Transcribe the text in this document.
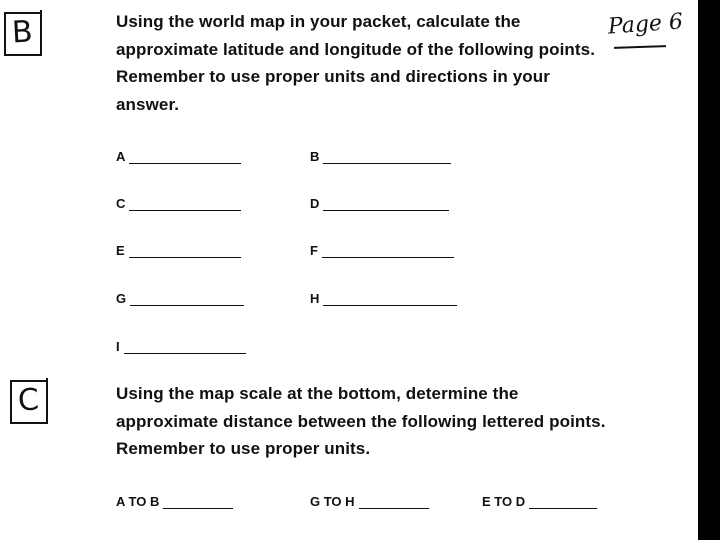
B	Page 6
Using the world map in your packet, calculate the approximate latitude and longitude of the following points. Remember to use proper units and directions in your answer.
A	B
C	D
E	F
G	H
I
C	Using the map scale at the bottom, determine the approximate distance between the following lettered points. Remember to use proper units.
A TO B	G TO H	E TO D
